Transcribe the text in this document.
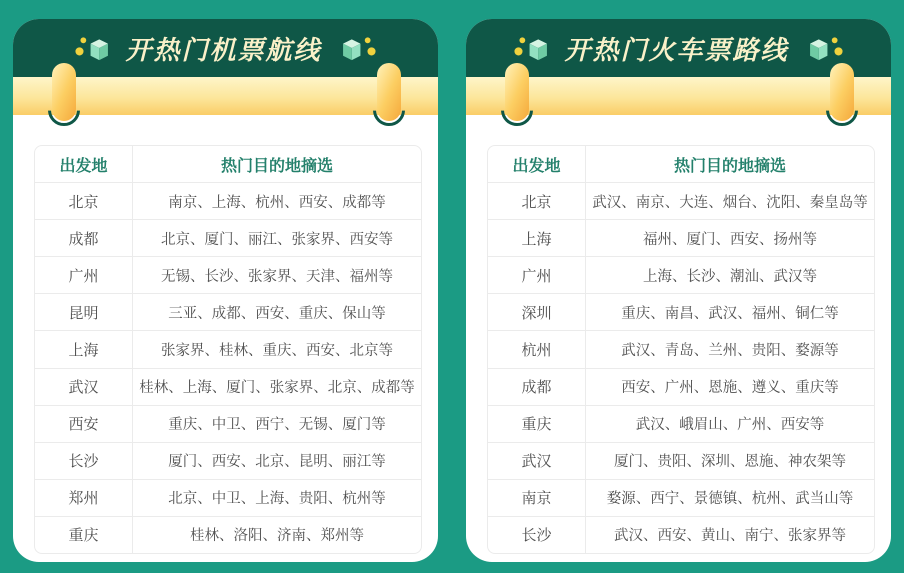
开热门机票航线
出发地	热门目的地摘选
北京	南京、上海、杭州、西安、成都等
成都	北京、厦门、丽江、张家界、西安等
广州	无锡、长沙、张家界、天津、福州等
昆明	三亚、成都、西安、重庆、保山等
上海	张家界、桂林、重庆、西安、北京等
武汉	桂林、上海、厦门、张家界、北京、成都等
西安	重庆、中卫、西宁、无锡、厦门等
长沙	厦门、西安、北京、昆明、丽江等
郑州	北京、中卫、上海、贵阳、杭州等
重庆	桂林、洛阳、济南、郑州等
开热门火车票路线
出发地	热门目的地摘选
北京	武汉、南京、大连、烟台、沈阳、秦皇岛等
上海	福州、厦门、西安、扬州等
广州	上海、长沙、潮汕、武汉等
深圳	重庆、南昌、武汉、福州、铜仁等
杭州	武汉、青岛、兰州、贵阳、婺源等
成都	西安、广州、恩施、遵义、重庆等
重庆	武汉、峨眉山、广州、西安等
武汉	厦门、贵阳、深圳、恩施、神农架等
南京	婺源、西宁、景德镇、杭州、武当山等
长沙	武汉、西安、黄山、南宁、张家界等
